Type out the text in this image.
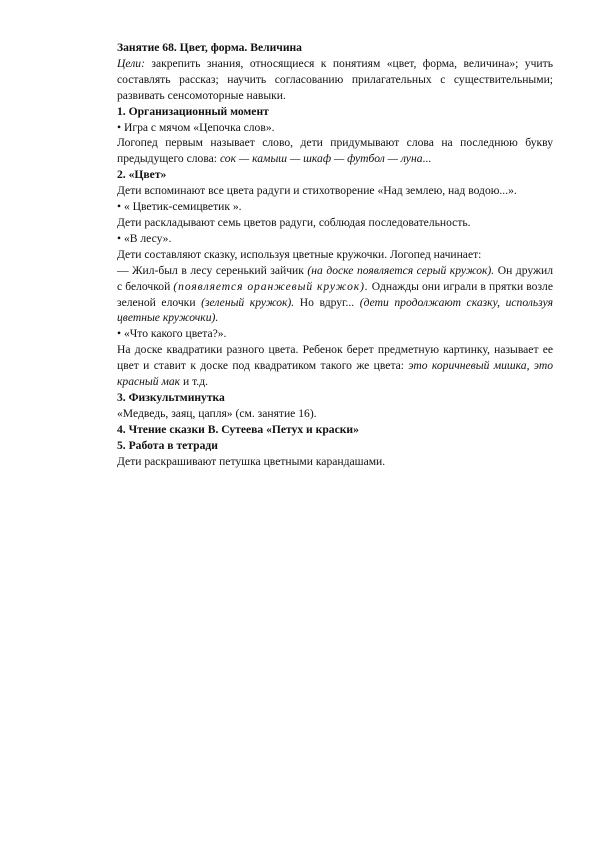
Занятие 68. Цвет, форма. Величина

Цели: закрепить знания, относящиеся к понятиям «цвет, форма, величина»; учить составлять рассказ; научить согласованию прилагательных с существительными; развивать сенсомоторные навыки.

1. Организационный момент

• Игра с мячом «Цепочка слов».

Логопед первым называет слово, дети придумывают слова на последнюю букву предыдущего слова: сок — камыш — шкаф — футбол — луна...

2. «Цвет»

Дети вспоминают все цвета радуги и стихотворение «Над землею, над водою...».

• « Цветик-семицветик ».

Дети раскладывают семь цветов радуги, соблюдая последовательность.

• «В лесу».

Дети составляют сказку, используя цветные кружочки. Логопед начинает:

— Жил-был в лесу серенький зайчик (на доске появляется серый кружок). Он дружил с белочкой (появляется оранжевый кружок). Однажды они играли в прятки возле зеленой елочки (зеленый кружок). Но вдруг... (дети продолжают сказку, используя цветные кружочки).

• «Что какого цвета?».

На доске квадратики разного цвета. Ребенок берет предметную картинку, называет ее цвет и ставит к доске под квадратиком такого же цвета: это коричневый мишка, это красный мак и т.д.

3. Физкультминутка

«Медведь, заяц, цапля» (см. занятие 16).

4. Чтение сказки В. Сутеева «Петух и краски»

5. Работа в тетради

Дети раскрашивают петушка цветными карандашами.
